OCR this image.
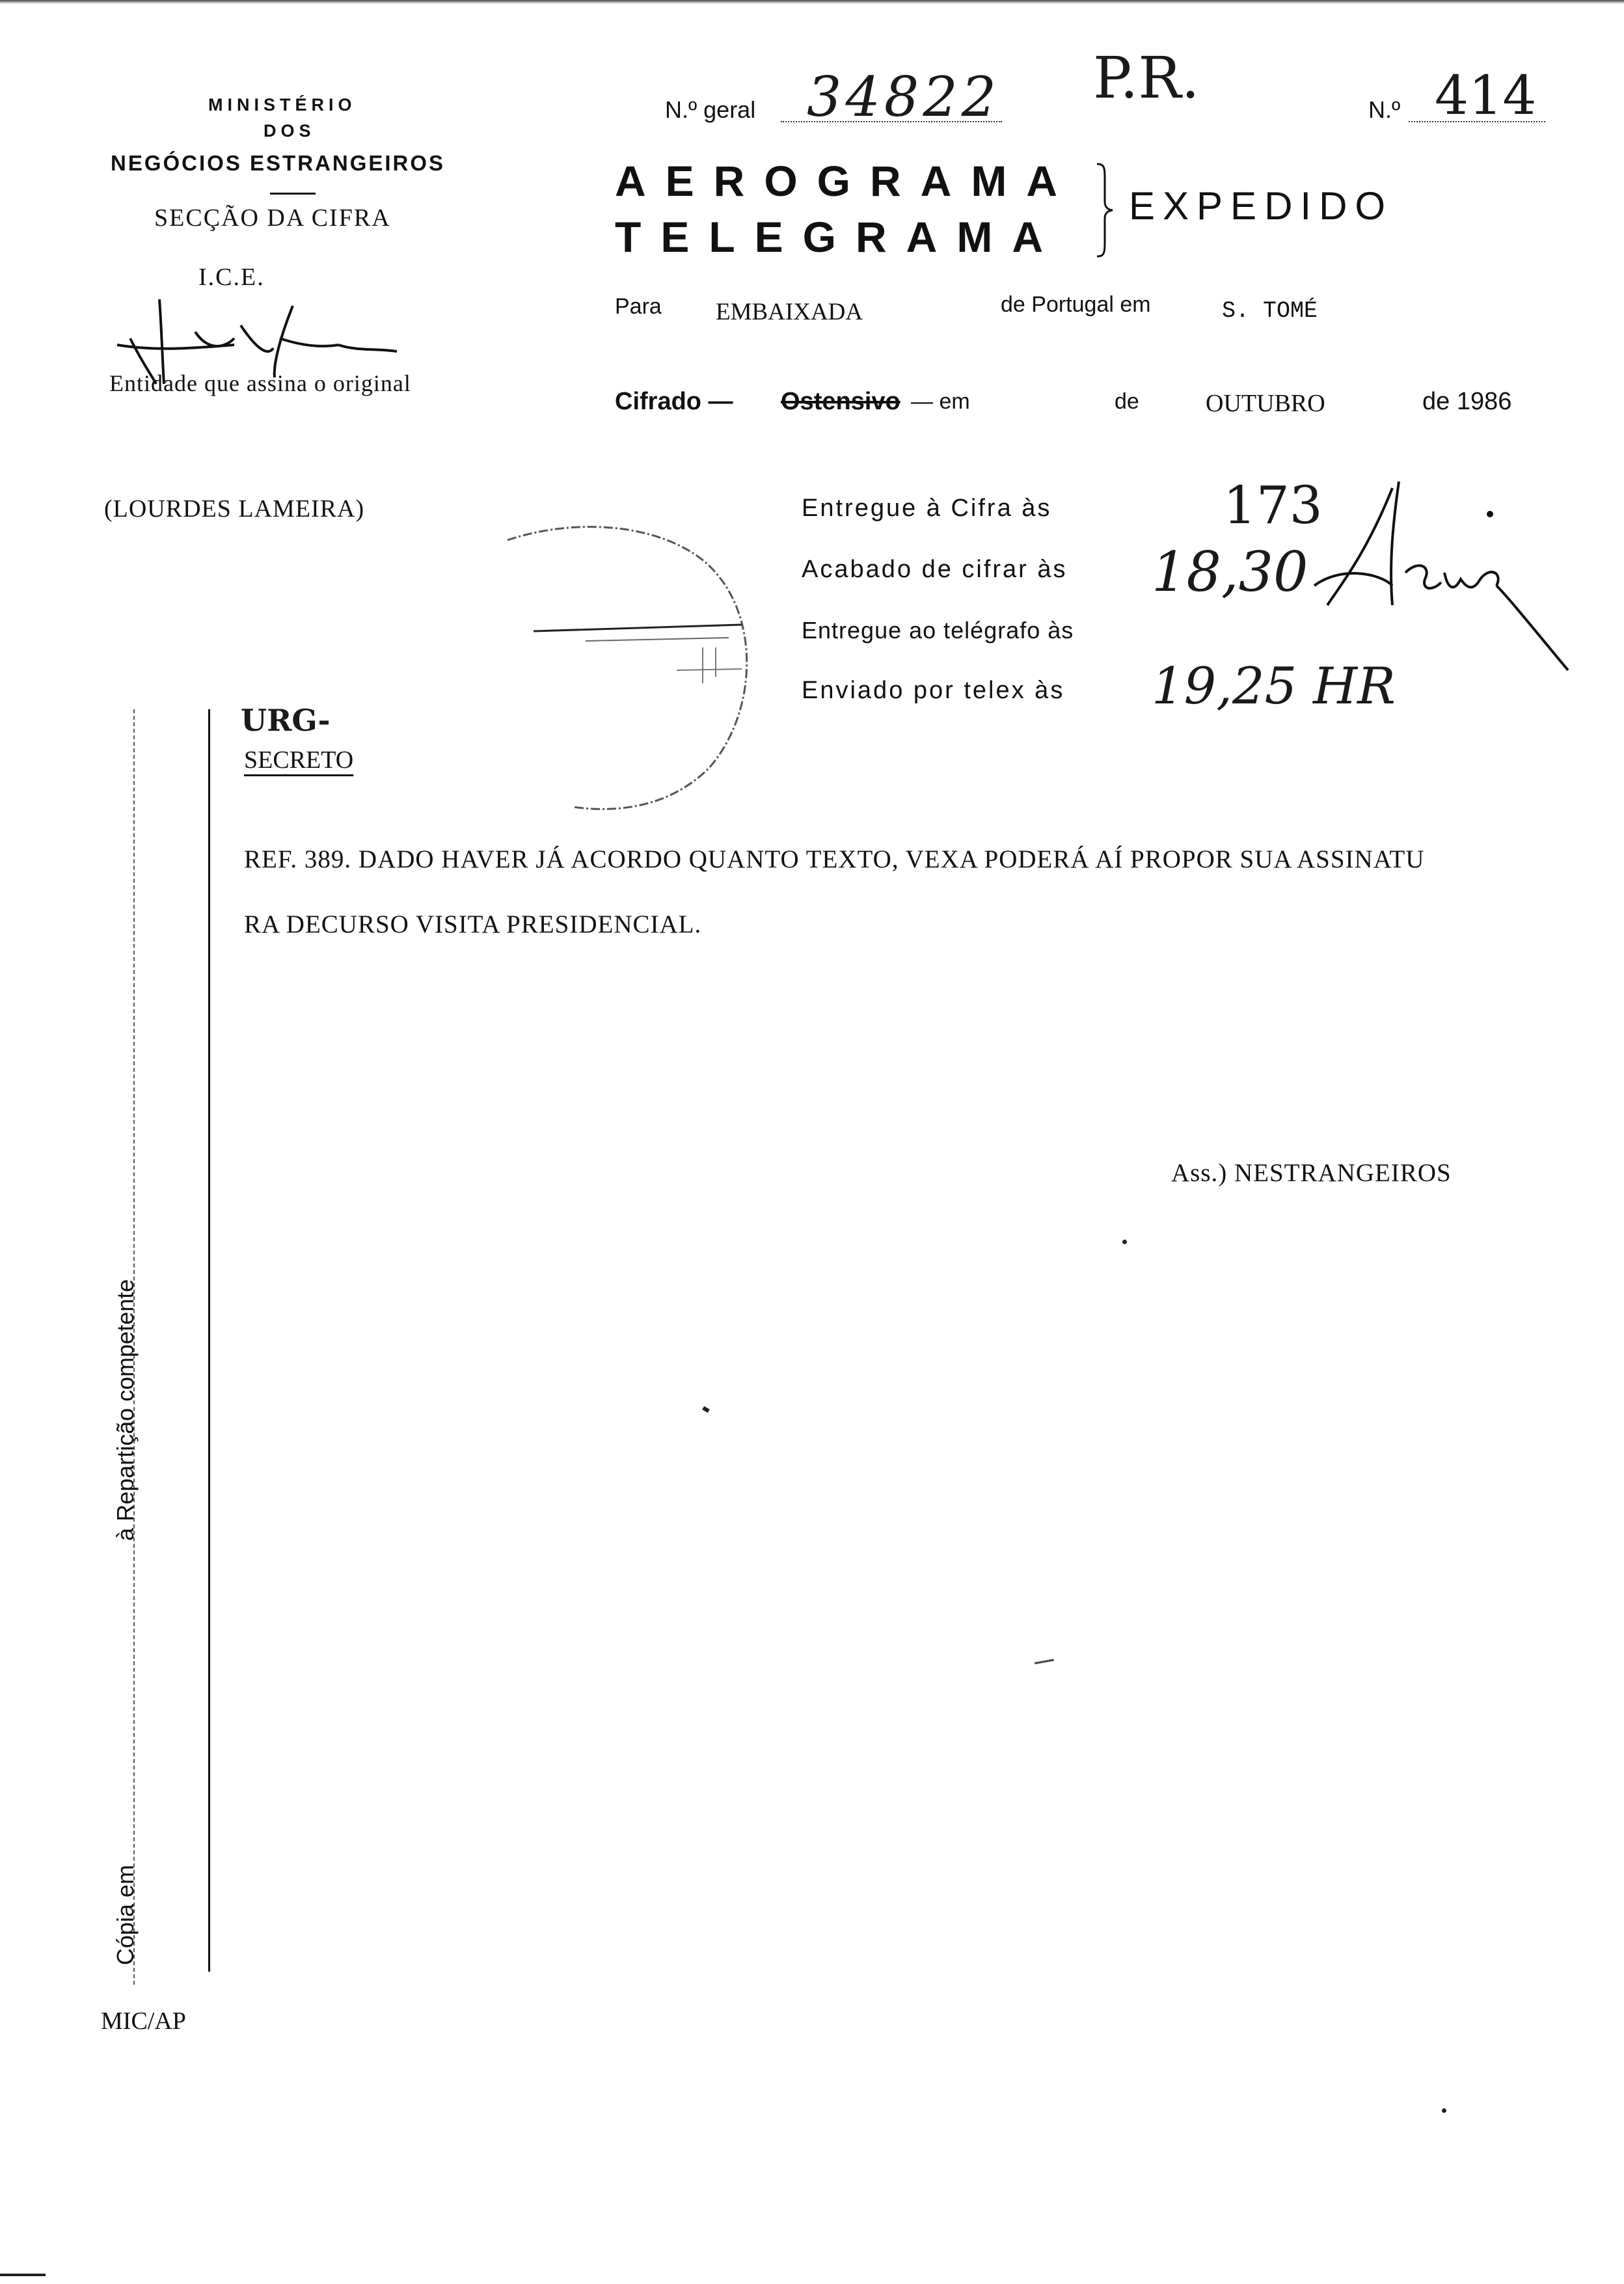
MINISTÉRIO
DOS
NEGÓCIOS ESTRANGEIROS
SECÇÃO DA CIFRA
I.C.E.
Entidade que assina o original
(LOURDES LAMEIRA)
N.º geral 34822 P.R.	N.º 414
AEROGRAMA
TELEGRAMA
EXPEDIDO
Para EMBAIXADA	de Portugal em	S. TOMÉ
Cifrado — Ostensivo — em	de	OUTUBRO	de 1986
Entregue à Cifra às	173
Acabado de cifrar às 18,30
Entregue ao telégrafo às
Enviado por telex às 19,25 HR
Cópia em
à Repartição competente
URG-
SECRETO
REF. 389. DADO HAVER JÁ ACORDO QUANTO TEXTO, VEXA PODERÁ AÍ PROPOR SUA ASSINATU
RA DECURSO VISITA PRESIDENCIAL.
Ass.) NESTRANGEIROS
MIC/AP
